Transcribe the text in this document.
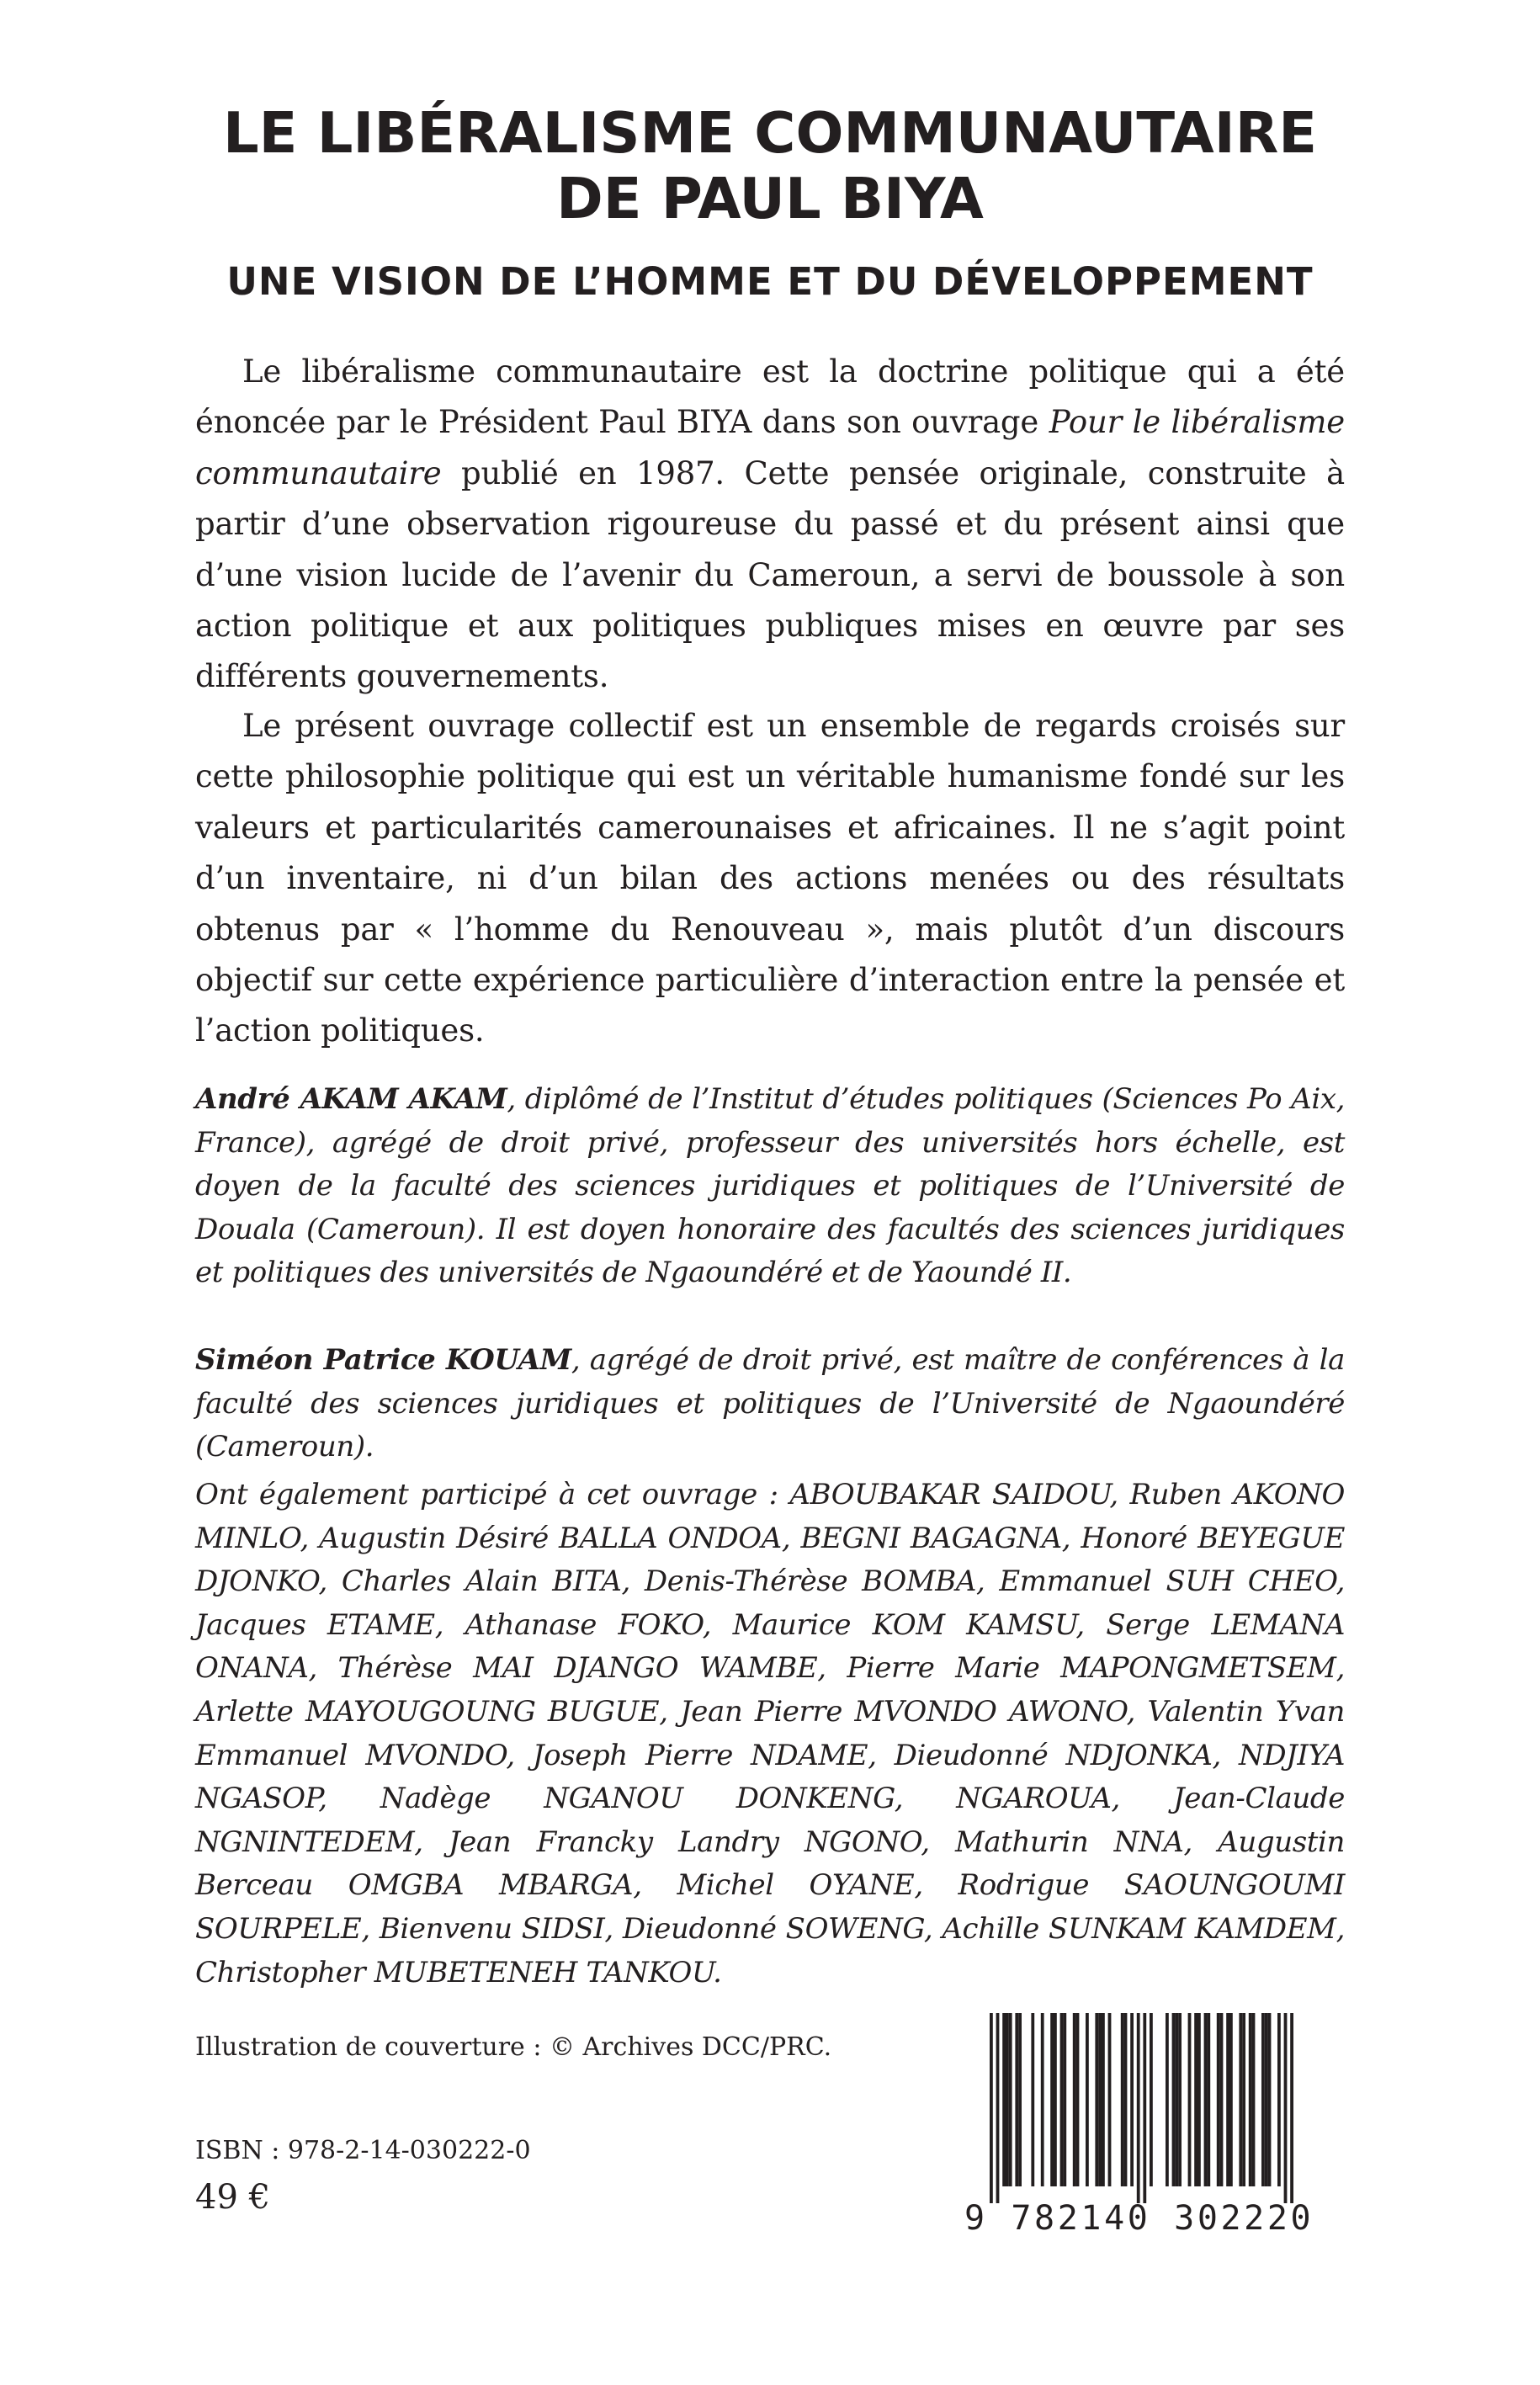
LE LIBÉRALISME COMMUNAUTAIRE
DE PAUL BIYA
UNE VISION DE L’HOMME ET DU DÉVELOPPEMENT

Le libéralisme communautaire est la doctrine politique qui a été énoncée par le Président Paul BIYA dans son ouvrage Pour le libéralisme communautaire publié en 1987. Cette pensée originale, construite à partir d’une observation rigoureuse du passé et du présent ainsi que d’une vision lucide de l’avenir du Cameroun, a servi de boussole à son action politique et aux politiques publiques mises en œuvre par ses différents gouvernements.

Le présent ouvrage collectif est un ensemble de regards croisés sur cette philosophie politique qui est un véritable humanisme fondé sur les valeurs et particularités camerounaises et africaines. Il ne s’agit point d’un inventaire, ni d’un bilan des actions menées ou des résultats obtenus par « l’homme du Renouveau », mais plutôt d’un discours objectif sur cette expérience particulière d’interaction entre la pensée et l’action politiques.

André AKAM AKAM, diplômé de l’Institut d’études politiques (Sciences Po Aix, France), agrégé de droit privé, professeur des universités hors échelle, est doyen de la faculté des sciences juridiques et politiques de l’Université de Douala (Cameroun). Il est doyen honoraire des facultés des sciences juridiques et politiques des universités de Ngaoundéré et de Yaoundé II.

Siméon Patrice KOUAM, agrégé de droit privé, est maître de conférences à la faculté des sciences juridiques et politiques de l’Université de Ngaoundéré (Cameroun).

Ont également participé à cet ouvrage : ABOUBAKAR SAIDOU, Ruben AKONO MINLO, Augustin Désiré BALLA ONDOA, BEGNI BAGAGNA, Honoré BEYEGUE DJONKO, Charles Alain BITA, Denis-Thérèse BOMBA, Emmanuel SUH CHEO, Jacques ETAME, Athanase FOKO, Maurice KOM KAMSU, Serge LEMANA ONANA, Thérèse MAI DJANGO WAMBE, Pierre Marie MAPONGMETSEM, Arlette MAYOUGOUNG BUGUE, Jean Pierre MVONDO AWONO, Valentin Yvan Emmanuel MVONDO, Joseph Pierre NDAME, Dieudonné NDJONKA, NDJIYA NGASOP, Nadège NGANOU DONKENG, NGAROUA, Jean-Claude NGNINTEDEM, Jean Francky Landry NGONO, Mathurin NNA, Augustin Berceau OMGBA MBARGA, Michel OYANE, Rodrigue SAOUNGOUMI SOURPELE, Bienvenu SIDSI, Dieudonné SOWENG, Achille SUNKAM KAMDEM, Christopher MUBETENEH TANKOU.

Illustration de couverture : © Archives DCC/PRC.

ISBN : 978-2-14-030222-0

49 €

9 782140 302220
